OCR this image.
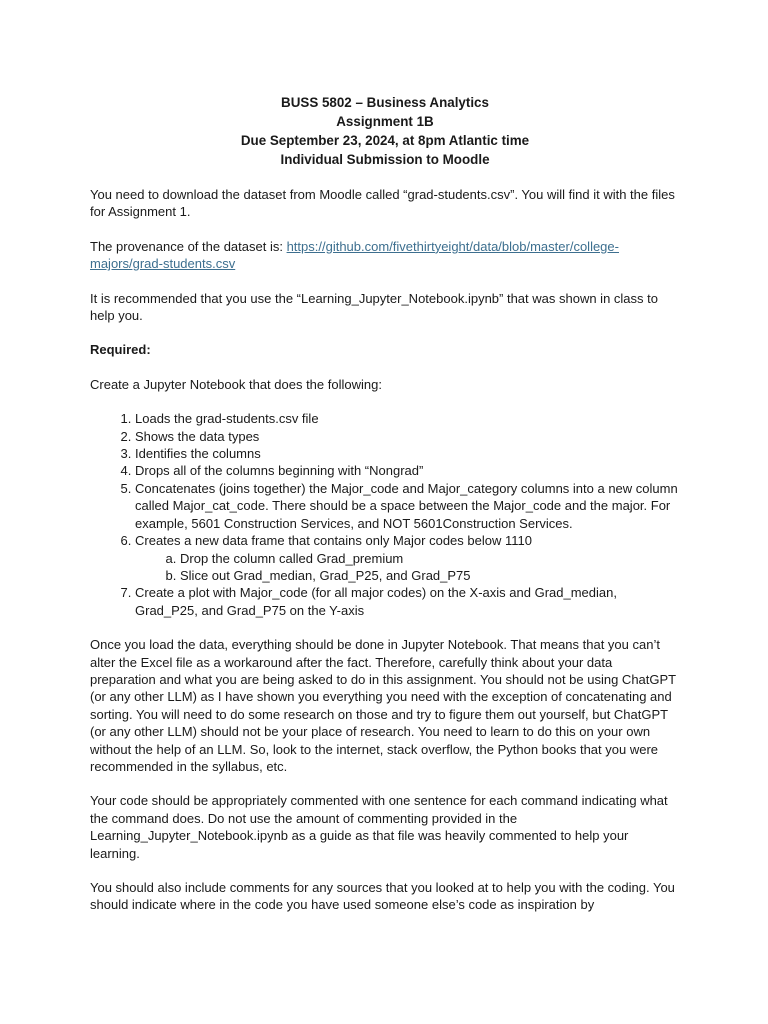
BUSS 5802 – Business Analytics
Assignment 1B
Due September 23, 2024, at 8pm Atlantic time
Individual Submission to Moodle

You need to download the dataset from Moodle called “grad-students.csv”. You will find it with the files for Assignment 1.

The provenance of the dataset is: https://github.com/fivethirtyeight/data/blob/master/college-majors/grad-students.csv

It is recommended that you use the “Learning_Jupyter_Notebook.ipynb” that was shown in class to help you.

Required:

Create a Jupyter Notebook that does the following:

1. Loads the grad-students.csv file
2. Shows the data types
3. Identifies the columns
4. Drops all of the columns beginning with “Nongrad”
5. Concatenates (joins together) the Major_code and Major_category columns into a new column called Major_cat_code. There should be a space between the Major_code and the major. For example, 5601 Construction Services, and NOT 5601Construction Services.
6. Creates a new data frame that contains only Major codes below 1110
a. Drop the column called Grad_premium
b. Slice out Grad_median, Grad_P25, and Grad_P75
7. Create a plot with Major_code (for all major codes) on the X-axis and Grad_median, Grad_P25, and Grad_P75 on the Y-axis

Once you load the data, everything should be done in Jupyter Notebook. That means that you can’t alter the Excel file as a workaround after the fact. Therefore, carefully think about your data preparation and what you are being asked to do in this assignment. You should not be using ChatGPT (or any other LLM) as I have shown you everything you need with the exception of concatenating and sorting. You will need to do some research on those and try to figure them out yourself, but ChatGPT (or any other LLM) should not be your place of research. You need to learn to do this on your own without the help of an LLM. So, look to the internet, stack overflow, the Python books that you were recommended in the syllabus, etc.

Your code should be appropriately commented with one sentence for each command indicating what the command does. Do not use the amount of commenting provided in the Learning_Jupyter_Notebook.ipynb as a guide as that file was heavily commented to help your learning.

You should also include comments for any sources that you looked at to help you with the coding. You should indicate where in the code you have used someone else’s code as inspiration by
